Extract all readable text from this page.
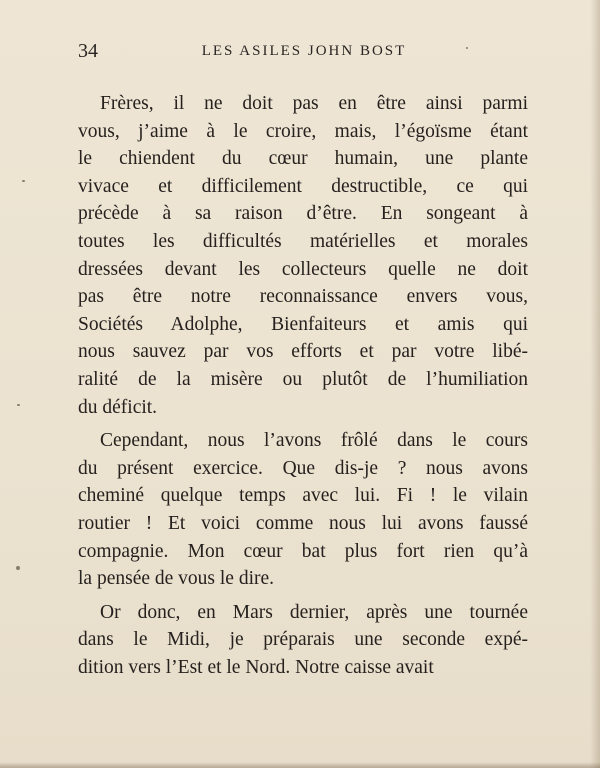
34	LES ASILES JOHN BOST
Frères, il ne doit pas en être ainsi parmi
vous, j’aime à le croire, mais, l’égoïsme étant
le chiendent du cœur humain, une plante
vivace et difficilement destructible, ce qui
précède à sa raison d’être. En songeant à
toutes les difficultés matérielles et morales
dressées devant les collecteurs quelle ne doit
pas être notre reconnaissance envers vous,
Sociétés Adolphe, Bienfaiteurs et amis qui
nous sauvez par vos efforts et par votre libé-
ralité de la misère ou plutôt de l’humiliation
du déficit.
Cependant, nous l’avons frôlé dans le cours
du présent exercice. Que dis-je ? nous avons
cheminé quelque temps avec lui. Fi ! le vilain
routier ! Et voici comme nous lui avons faussé
compagnie. Mon cœur bat plus fort rien qu’à
la pensée de vous le dire.
Or donc, en Mars dernier, après une tournée
dans le Midi, je préparais une seconde expé-
dition vers l’Est et le Nord. Notre caisse avait
